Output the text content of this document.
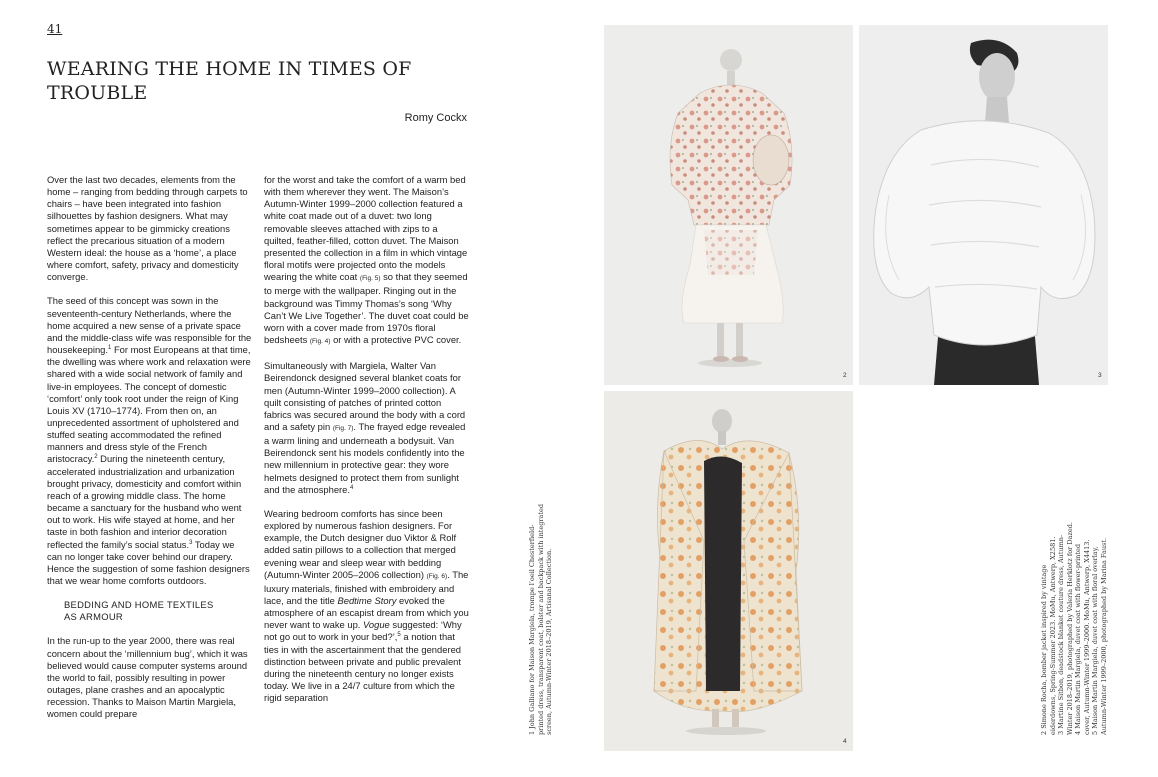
41
WEARING THE HOME IN TIMES OF TROUBLE
Romy Cockx

Over the last two decades, elements from the home – ranging from bedding through carpets to chairs – have been integrated into fashion silhouettes by fashion designers. What may sometimes appear to be gimmicky creations reflect the precarious situation of a modern Western ideal: the house as a ‘home’, a place where comfort, safety, privacy and domesticity converge.

The seed of this concept was sown in the seventeenth-century Netherlands, where the home acquired a new sense of a private space and the middle-class wife was responsible for the housekeeping.$^1$ For most Europeans at that time, the dwelling was where work and relaxation were shared with a wide social network of family and live-in employees. The concept of domestic ‘comfort’ only took root under the reign of King Louis XV (1710–1774). From then on, an unprecedented assortment of upholstered and stuffed seating accommodated the refined manners and dress style of the French aristocracy.$^2$ During the nineteenth century, accelerated industrialization and urbanization brought privacy, domesticity and comfort within reach of a growing middle class. The home became a sanctuary for the husband who went out to work. His wife stayed at home, and her taste in both fashion and interior decoration reflected the family’s social status.$^3$ Today we can no longer take cover behind our drapery. Hence the suggestion of some fashion designers that we wear home comforts outdoors.

BEDDING AND HOME TEXTILES
AS ARMOUR

In the run-up to the year 2000, there was real concern about the ‘millennium bug’, which it was believed would cause computer systems around the world to fail, possibly resulting in power outages, plane crashes and an apocalyptic recession. Thanks to Maison Martin Margiela, women could prepare

for the worst and take the comfort of a warm bed with them wherever they went. The Maison’s Autumn-Winter 1999–2000 collection featured a white coat made out of a duvet: two long removable sleeves attached with zips to a quilted, feather-filled, cotton duvet. The Maison presented the collection in a film in which vintage floral motifs were projected onto the models wearing the white coat (Fig. 5) so that they seemed to merge with the wallpaper. Ringing out in the background was Timmy Thomas’s song ‘Why Can’t We Live Together’. The duvet coat could be worn with a cover made from 1970s floral bedsheets (Fig. 4) or with a protective PVC cover.

Simultaneously with Margiela, Walter Van Beirendonck designed several blanket coats for men (Autumn-Winter 1999–2000 collection). A quilt consisting of patches of printed cotton fabrics was secured around the body with a cord and a safety pin (Fig. 7). The frayed edge revealed a warm lining and underneath a bodysuit. Van Beirendonck sent his models confidently into the new millennium in protective gear: they wore helmets designed to protect them from sunlight and the atmosphere.$^4$

Wearing bedroom comforts has since been explored by numerous fashion designers. For example, the Dutch designer duo Viktor & Rolf added satin pillows to a collection that merged evening wear and sleep wear with bedding (Autumn-Winter 2005–2006 collection) (Fig. 6). The luxury materials, finished with embroidery and lace, and the title Bedtime Story evoked the atmosphere of an escapist dream from which you never want to wake up. Vogue suggested: ‘Why not go out to work in your bed?’,$^5$ a notion that ties in with the ascertainment that the gendered distinction between private and public prevalent during the nineteenth century no longer exists today. We live in a 24/7 culture from which the rigid separation

2	3
4
1 John Galliano for Maison Margiela, trompe l’oeil Chesterfield- printed dress, transparent coat, bolster and backpack with integrated screen, Autumn-Winter 2018–2019, Artisanal Collection.	2 Simone Rocha, bomber jacket inspired by vintage eiderdowns, Spring-Summer 2023. MoMu, Antwerp, X2581. 3 Martine Sitbon, deadstock blanket couture dress, Autumn- Winter 2018–2019, photographed by Valeria Herklotz for Dazed. 4 Maison Martin Margiela, duvet coat with flower-printed cover, Autumn-Winter 1999–2000. MoMu, Antwerp, X4413. 5 Maison Martin Margiela, duvet coat with floral overlay, Autumn-Winter 1999–2000, photographed by Marina Faust.
